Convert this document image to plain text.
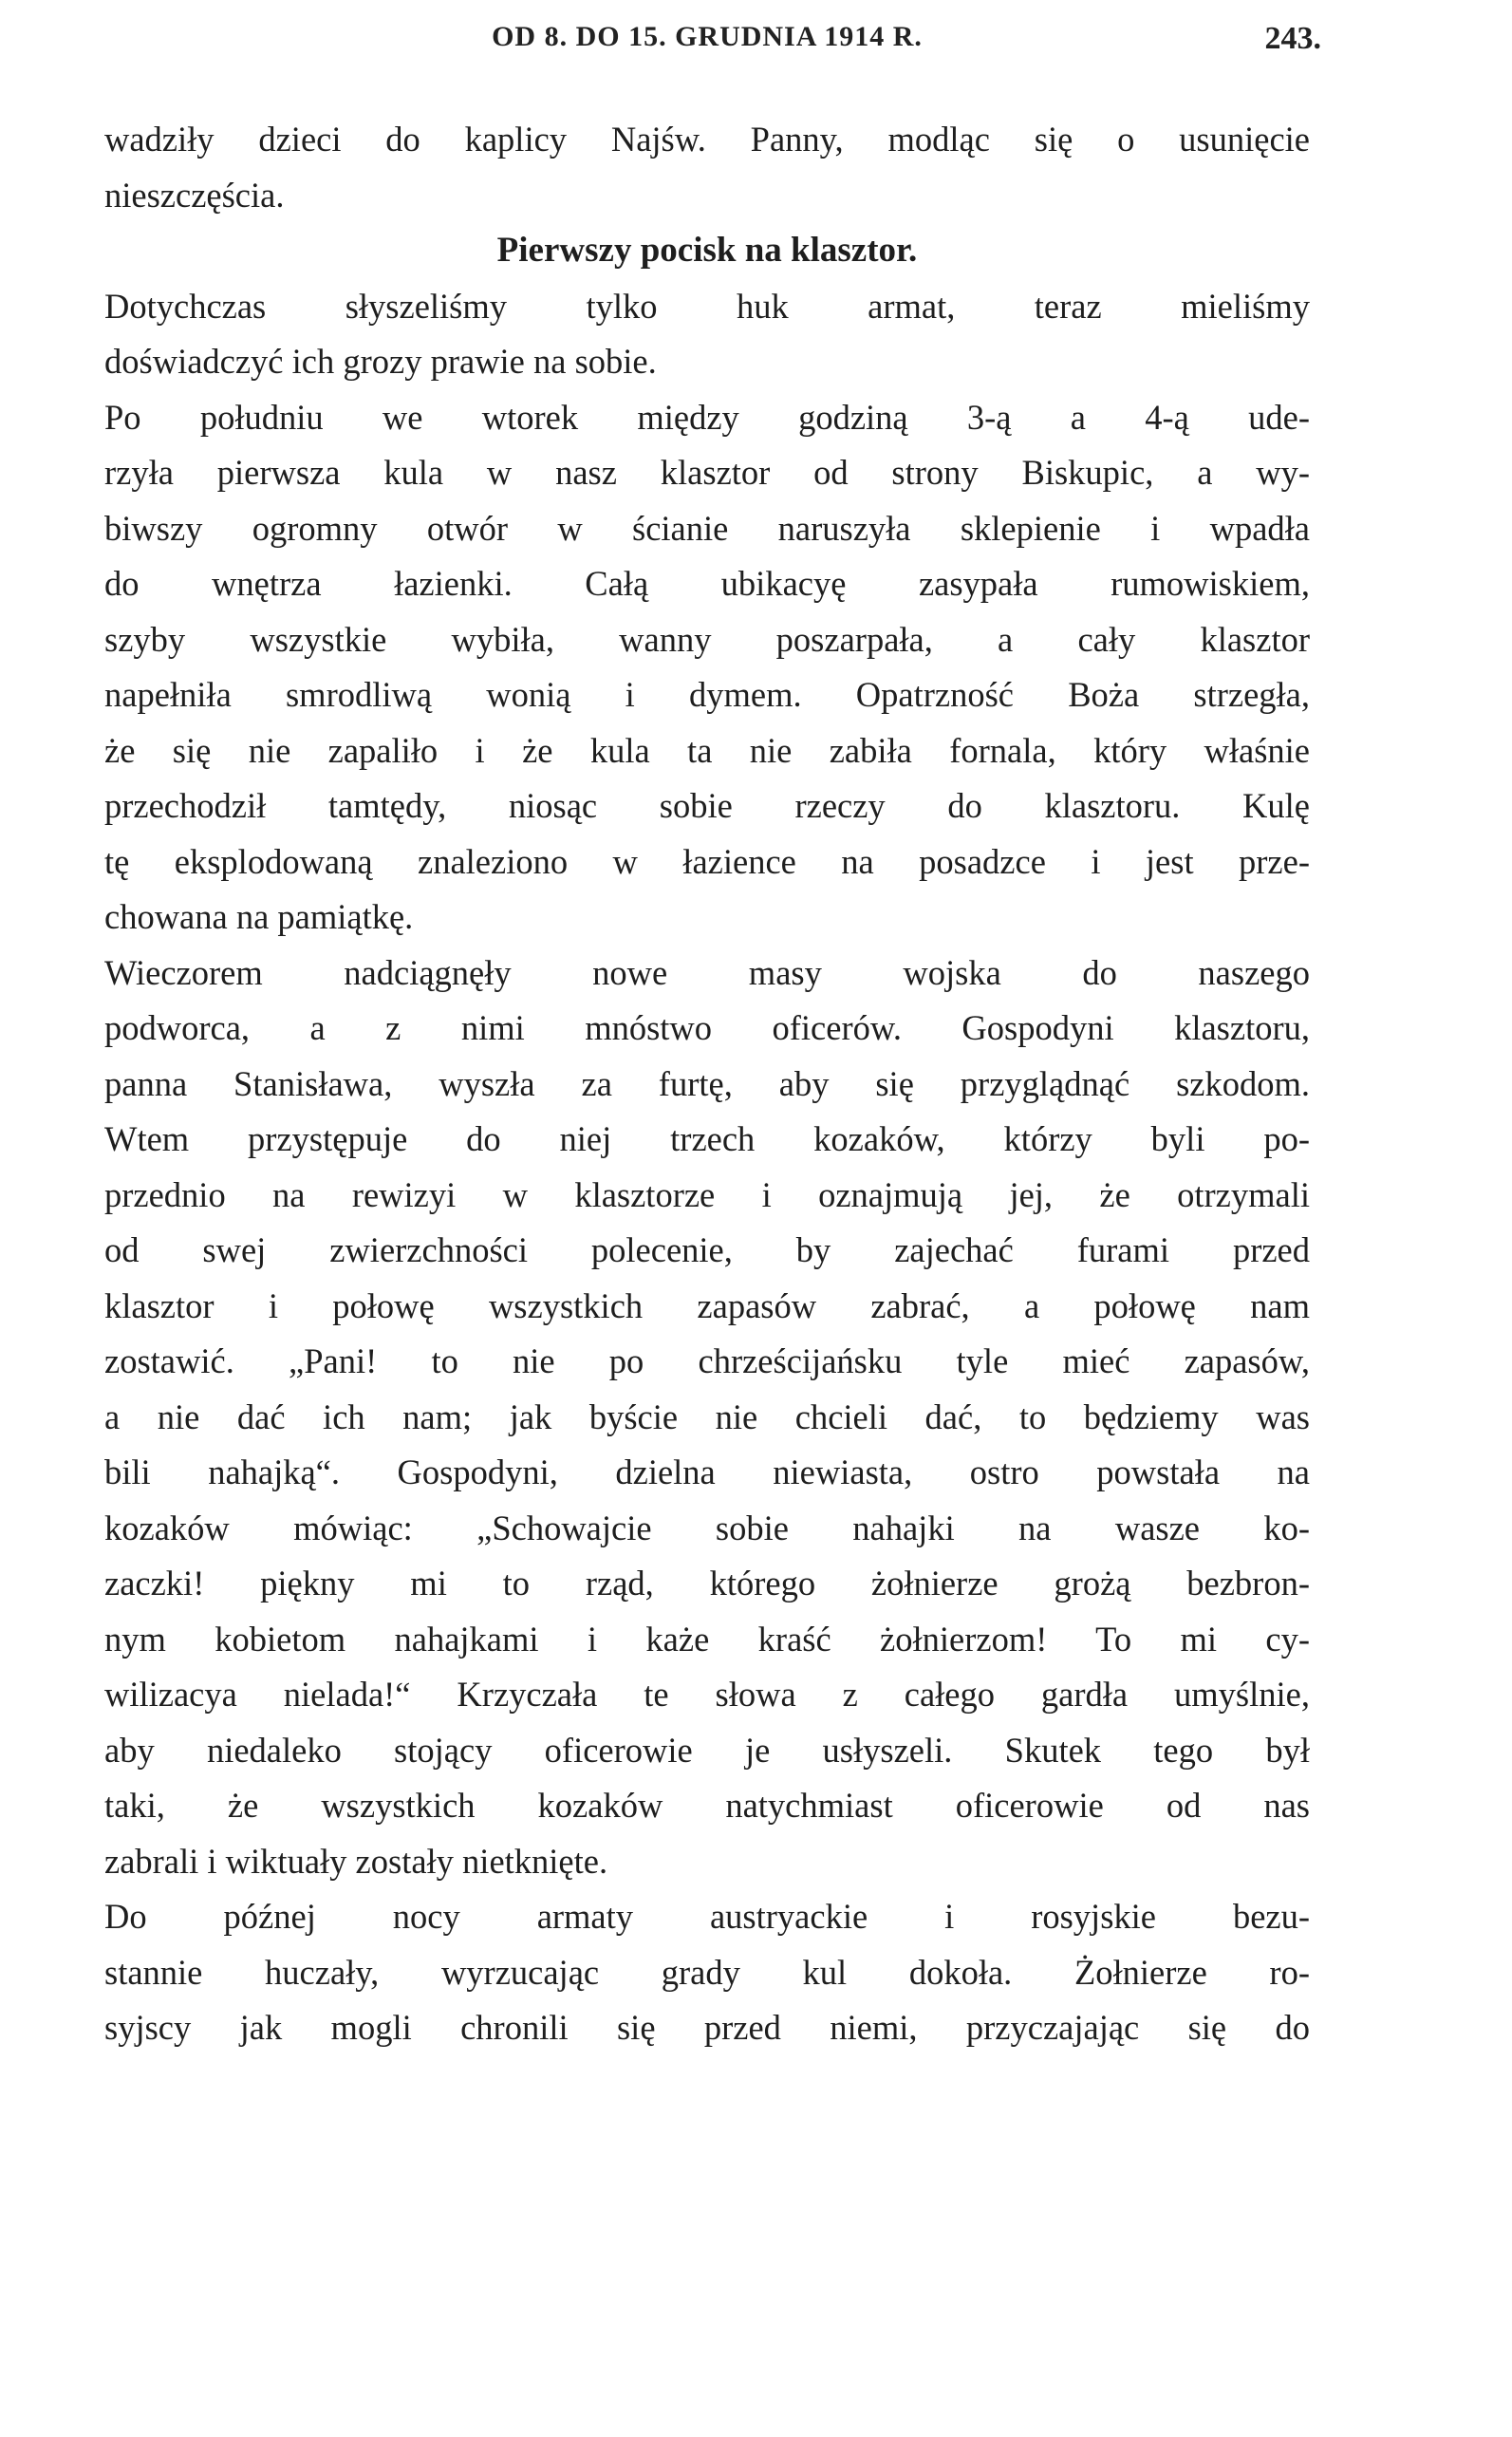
OD 8. DO 15. GRUDNIA 1914 R.	243.
wadziły dzieci do kaplicy Najśw. Panny, modląc się o usunięcie
nieszczęścia.
Pierwszy pocisk na klasztor.
Dotychczas słyszeliśmy tylko huk armat, teraz mieliśmy
doświadczyć ich grozy prawie na sobie.
Po południu we wtorek między godziną 3-ą a 4-ą ude-
rzyła pierwsza kula w nasz klasztor od strony Biskupic, a wy-
biwszy ogromny otwór w ścianie naruszyła sklepienie i wpadła
do wnętrza łazienki. Całą ubikacyę zasypała rumowiskiem,
szyby wszystkie wybiła, wanny poszarpała, a cały klasztor
napełniła smrodliwą wonią i dymem. Opatrzność Boża strzegła,
że się nie zapaliło i że kula ta nie zabiła fornala, który właśnie
przechodził tamtędy, niosąc sobie rzeczy do klasztoru. Kulę
tę eksplodowaną znaleziono w łazience na posadzce i jest prze-
chowana na pamiątkę.
Wieczorem nadciągnęły nowe masy wojska do naszego
podworca, a z nimi mnóstwo oficerów. Gospodyni klasztoru,
panna Stanisława, wyszła za furtę, aby się przyglądnąć szkodom.
Wtem przystępuje do niej trzech kozaków, którzy byli po-
przednio na rewizyi w klasztorze i oznajmują jej, że otrzymali
od swej zwierzchności polecenie, by zajechać furami przed
klasztor i połowę wszystkich zapasów zabrać, a połowę nam
zostawić. „Pani! to nie po chrześcijańsku tyle mieć zapasów,
a nie dać ich nam; jak byście nie chcieli dać, to będziemy was
bili nahajką“. Gospodyni, dzielna niewiasta, ostro powstała na
kozaków mówiąc: „Schowajcie sobie nahajki na wasze ko-
zaczki! piękny mi to rząd, którego żołnierze grożą bezbron-
nym kobietom nahajkami i każe kraść żołnierzom! To mi cy-
wilizacya nielada!“ Krzyczała te słowa z całego gardła umyślnie,
aby niedaleko stojący oficerowie je usłyszeli. Skutek tego był
taki, że wszystkich kozaków natychmiast oficerowie od nas
zabrali i wiktuały zostały nietknięte.
Do późnej nocy armaty austryackie i rosyjskie bezu-
stannie huczały, wyrzucając grady kul dokoła. Żołnierze ro-
syjscy jak mogli chronili się przed niemi, przyczajając się do
